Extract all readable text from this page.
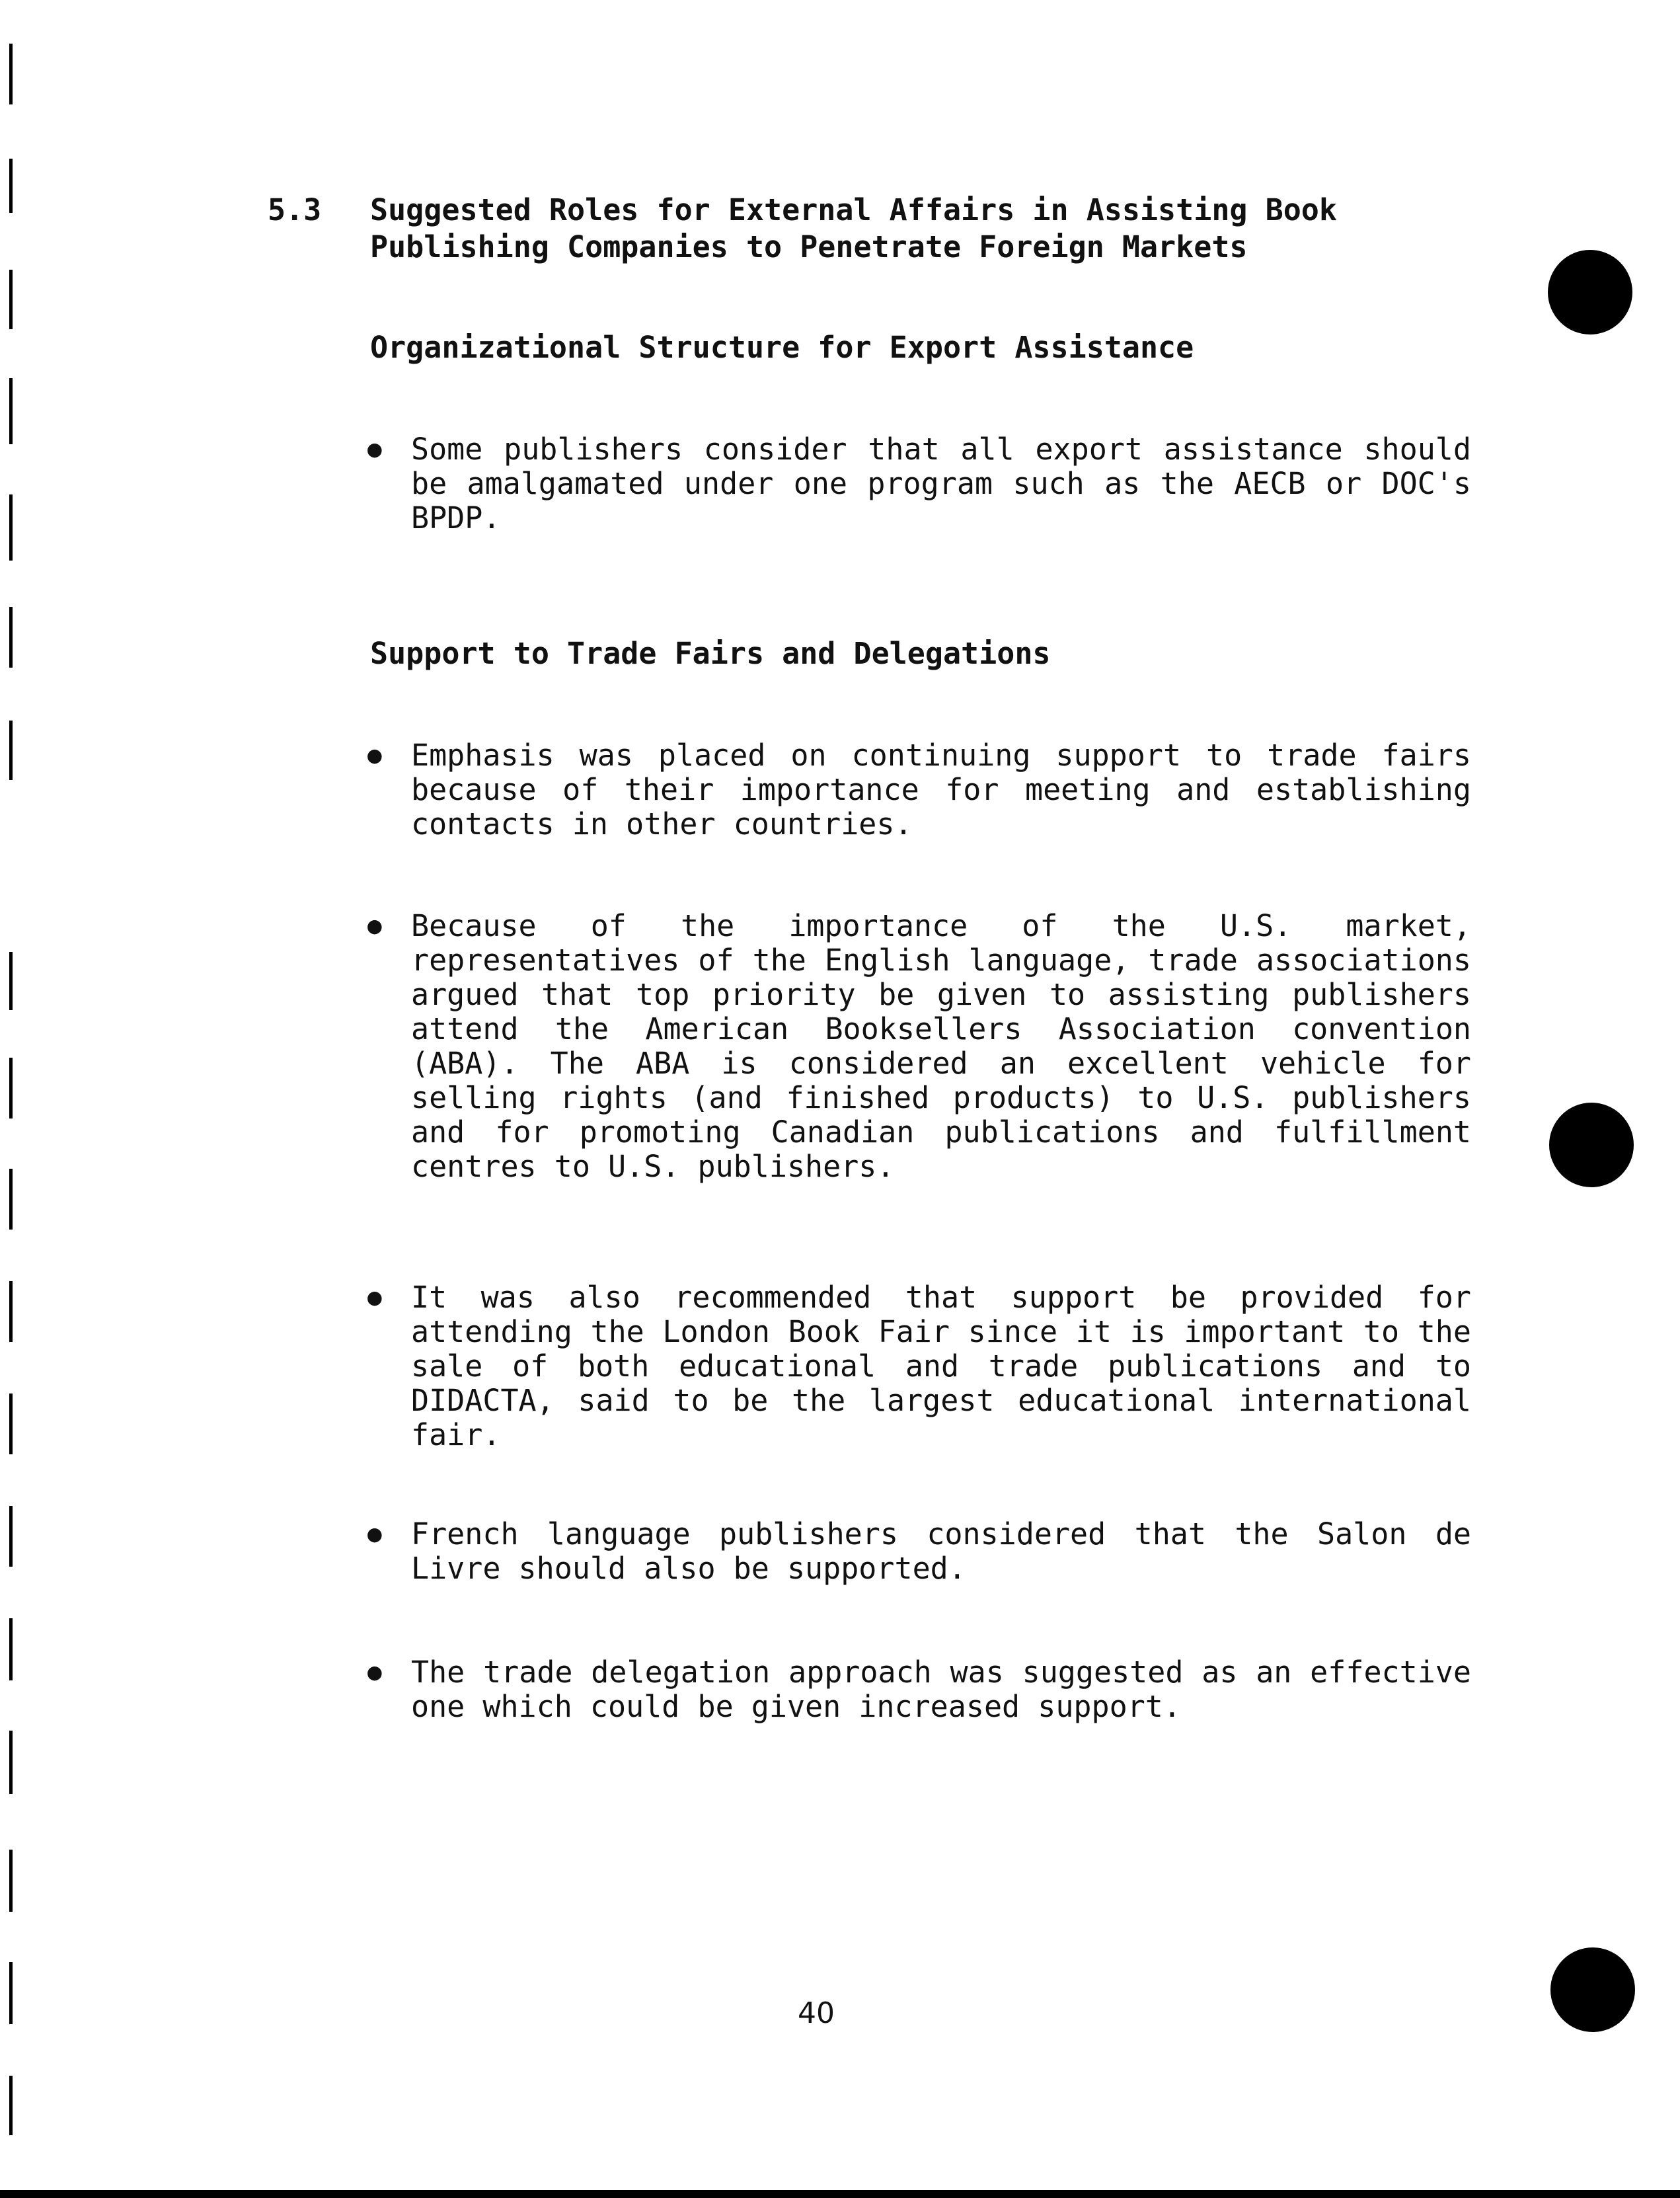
5.3	Suggested Roles for External Affairs in Assisting Book Publishing Companies to Penetrate Foreign Markets
Organizational Structure for Export Assistance
● Some publishers consider that all export assistance should be amalgamated under one program such as the AECB or DOC's BPDP.
Support to Trade Fairs and Delegations
● Emphasis was placed on continuing support to trade fairs because of their importance for meeting and establishing contacts in other countries.
● Because of the importance of the U.S. market, representatives of the English language, trade associations argued that top priority be given to assisting publishers attend the American Booksellers Association convention (ABA). The ABA is considered an excellent vehicle for selling rights (and finished products) to U.S. publishers and for promoting Canadian publications and fulfillment centres to U.S. publishers.
● It was also recommended that support be provided for attending the London Book Fair since it is important to the sale of both educational and trade publications and to DIDACTA, said to be the largest educational international fair.
● French language publishers considered that the Salon de Livre should also be supported.
● The trade delegation approach was suggested as an effective one which could be given increased support.
40
